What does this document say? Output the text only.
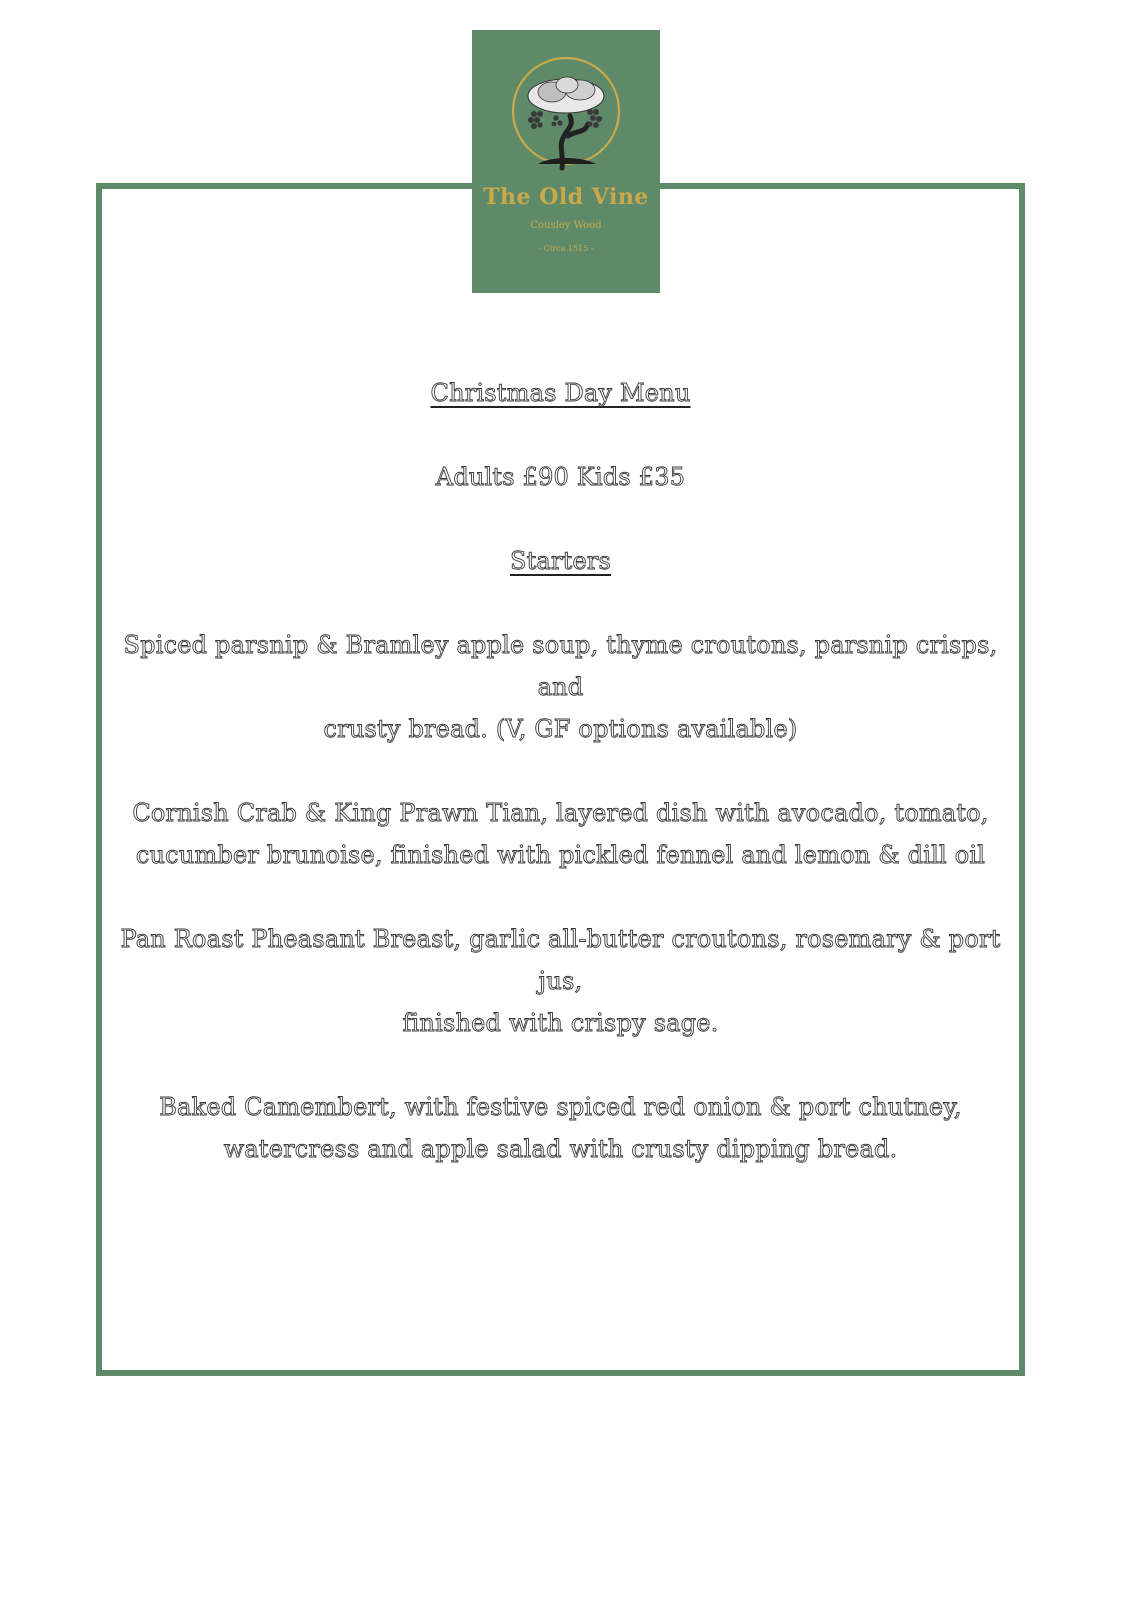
The Old Vine
Cousley Wood
- Circa 1515 -

Christmas Day Menu

Adults £90 Kids £35

Starters

Spiced parsnip & Bramley apple soup, thyme croutons, parsnip crisps, and

crusty bread. (V, GF options available)

Cornish Crab & King Prawn Tian, layered dish with avocado, tomato,

cucumber brunoise, finished with pickled fennel and lemon & dill oil

Pan Roast Pheasant Breast, garlic all-butter croutons, rosemary & port jus,

finished with crispy sage.

Baked Camembert, with festive spiced red onion & port chutney,

watercress and apple salad with crusty dipping bread.
